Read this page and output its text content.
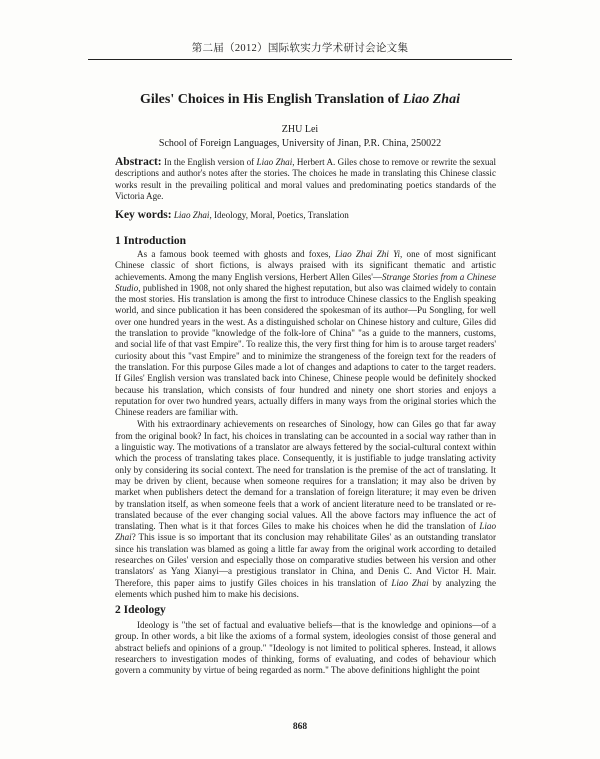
第二届（2012）国际软实力学术研讨会论文集
Giles' Choices in His English Translation of Liao Zhai
ZHU Lei
School of Foreign Languages, University of Jinan, P.R. China, 250022
Abstract: In the English version of Liao Zhai, Herbert A. Giles chose to remove or rewrite the sexual descriptions and author's notes after the stories. The choices he made in translating this Chinese classic works result in the prevailing political and moral values and predominating poetics standards of the Victoria Age.
Key words: Liao Zhai, Ideology, Moral, Poetics, Translation
1 Introduction

As a famous book teemed with ghosts and foxes, Liao Zhai Zhi Yi, one of most significant Chinese classic of short fictions, is always praised with its significant thematic and artistic achievements. Among the many English versions, Herbert Allen Giles'—Strange Stories from a Chinese Studio, published in 1908, not only shared the highest reputation, but also was claimed widely to contain the most stories. His translation is among the first to introduce Chinese classics to the English speaking world, and since publication it has been considered the spokesman of its author—Pu Songling, for well over one hundred years in the west. As a distinguished scholar on Chinese history and culture, Giles did the translation to provide "knowledge of the folk-lore of China" "as a guide to the manners, customs, and social life of that vast Empire". To realize this, the very first thing for him is to arouse target readers' curiosity about this "vast Empire" and to minimize the strangeness of the foreign text for the readers of the translation. For this purpose Giles made a lot of changes and adaptions to cater to the target readers. If Giles' English version was translated back into Chinese, Chinese people would be definitely shocked because his translation, which consists of four hundred and ninety one short stories and enjoys a reputation for over two hundred years, actually differs in many ways from the original stories which the Chinese readers are familiar with.

With his extraordinary achievements on researches of Sinology, how can Giles go that far away from the original book? In fact, his choices in translating can be accounted in a social way rather than in a linguistic way. The motivations of a translator are always fettered by the social-cultural context within which the process of translating takes place. Consequently, it is justifiable to judge translating activity only by considering its social context. The need for translation is the premise of the act of translating. It may be driven by client, because when someone requires for a translation; it may also be driven by market when publishers detect the demand for a translation of foreign literature; it may even be driven by translation itself, as when someone feels that a work of ancient literature need to be translated or re-translated because of the ever changing social values. All the above factors may influence the act of translating. Then what is it that forces Giles to make his choices when he did the translation of Liao Zhai? This issue is so important that its conclusion may rehabilitate Giles' as an outstanding translator since his translation was blamed as going a little far away from the original work according to detailed researches on Giles' version and especially those on comparative studies between his version and other translators' as Yang Xianyi—a prestigious translator in China, and Denis C. And Victor H. Mair. Therefore, this paper aims to justify Giles choices in his translation of Liao Zhai by analyzing the elements which pushed him to make his decisions.

2 Ideology

Ideology is "the set of factual and evaluative beliefs—that is the knowledge and opinions—of a group. In other words, a bit like the axioms of a formal system, ideologies consist of those general and abstract beliefs and opinions of a group." "Ideology is not limited to political spheres. Instead, it allows researchers to investigation modes of thinking, forms of evaluating, and codes of behaviour which govern a community by virtue of being regarded as norm." The above definitions highlight the point

868
